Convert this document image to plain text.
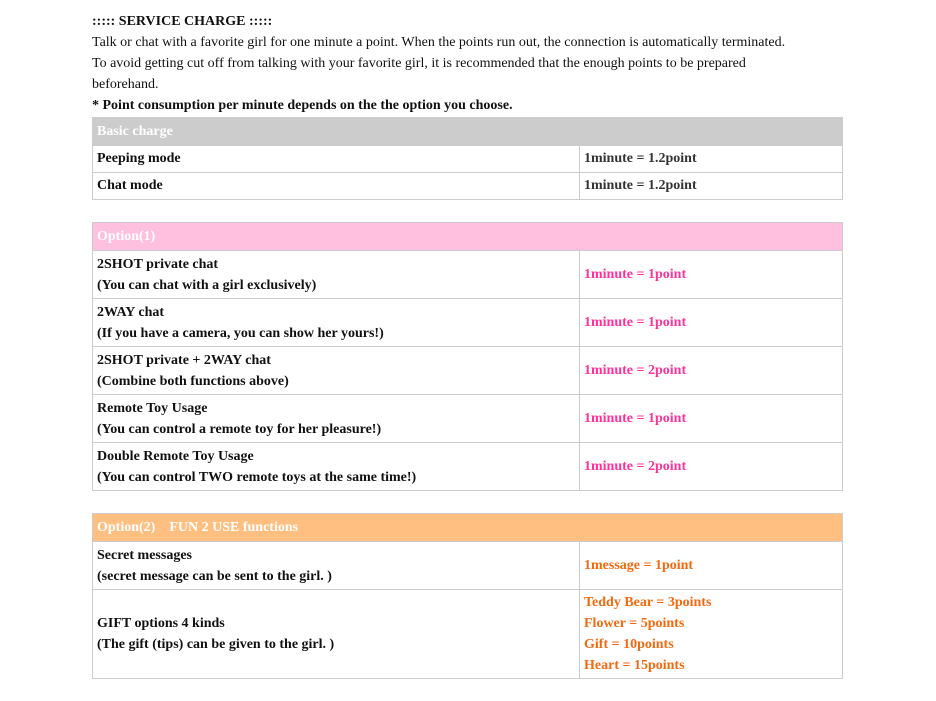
::::: SERVICE CHARGE :::::
Talk or chat with a favorite girl for one minute a point. When the points run out, the connection is automatically terminated.
To avoid getting cut off from talking with your favorite girl, it is recommended that the enough points to be prepared
beforehand.
* Point consumption per minute depends on the the option you choose.
Basic charge	
Peeping mode	1minute = 1.2point
Chat mode	1minute = 1.2point
Option(1)	

2SHOT private chat
(You can chat with a girl exclusively)	1minute = 1point

2WAY chat
(If you have a camera, you can show her yours!)	1minute = 1point

2SHOT private + 2WAY chat
(Combine both functions above)	1minute = 2point

Remote Toy Usage
(You can control a remote toy for her pleasure!)	1minute = 1point

Double Remote Toy Usage
(You can control TWO remote toys at the same time!)	1minute = 2point
Option(2)    FUN 2 USE functions	

Secret messages
(secret message can be sent to the girl. )	1message = 1point

GIFT options 4 kinds
(The gift (tips) can be given to the girl. )	Teddy Bear = 3points
Flower = 5points
Gift = 10points
Heart = 15points
